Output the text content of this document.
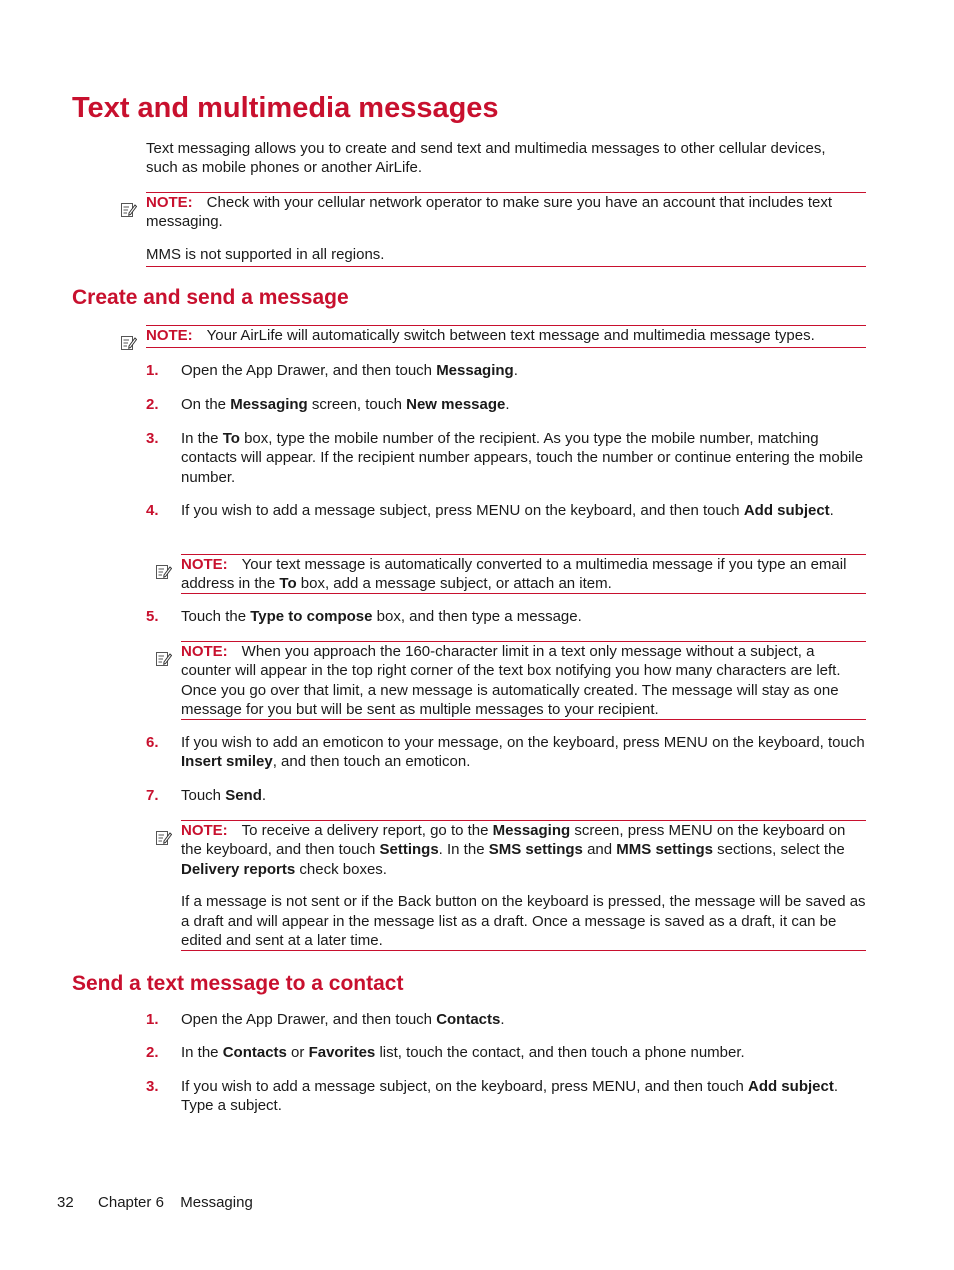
Text and multimedia messages

Text messaging allows you to create and send text and multimedia messages to other cellular devices, such as mobile phones or another AirLife.

NOTE: Check with your cellular network operator to make sure you have an account that includes text messaging.

MMS is not supported in all regions.

Create and send a message

NOTE: Your AirLife will automatically switch between text message and multimedia message types.

1. Open the App Drawer, and then touch Messaging.

2. On the Messaging screen, touch New message.

3. In the To box, type the mobile number of the recipient. As you type the mobile number, matching contacts will appear. If the recipient number appears, touch the number or continue entering the mobile number.

4. If you wish to add a message subject, press MENU on the keyboard, and then touch Add subject.

NOTE: Your text message is automatically converted to a multimedia message if you type an email address in the To box, add a message subject, or attach an item.

5. Touch the Type to compose box, and then type a message.

NOTE: When you approach the 160-character limit in a text only message without a subject, a counter will appear in the top right corner of the text box notifying you how many characters are left. Once you go over that limit, a new message is automatically created. The message will stay as one message for you but will be sent as multiple messages to your recipient.

6. If you wish to add an emoticon to your message, on the keyboard, press MENU on the keyboard, touch Insert smiley, and then touch an emoticon.

7. Touch Send.

NOTE: To receive a delivery report, go to the Messaging screen, press MENU on the keyboard on the keyboard, and then touch Settings. In the SMS settings and MMS settings sections, select the Delivery reports check boxes.

If a message is not sent or if the Back button on the keyboard is pressed, the message will be saved as a draft and will appear in the message list as a draft. Once a message is saved as a draft, it can be edited and sent at a later time.

Send a text message to a contact
1. Open the App Drawer, and then touch Contacts.

2. In the Contacts or Favorites list, touch the contact, and then touch a phone number.

3. If you wish to add a message subject, on the keyboard, press MENU, and then touch Add subject. Type a subject.

32 Chapter 6 Messaging
